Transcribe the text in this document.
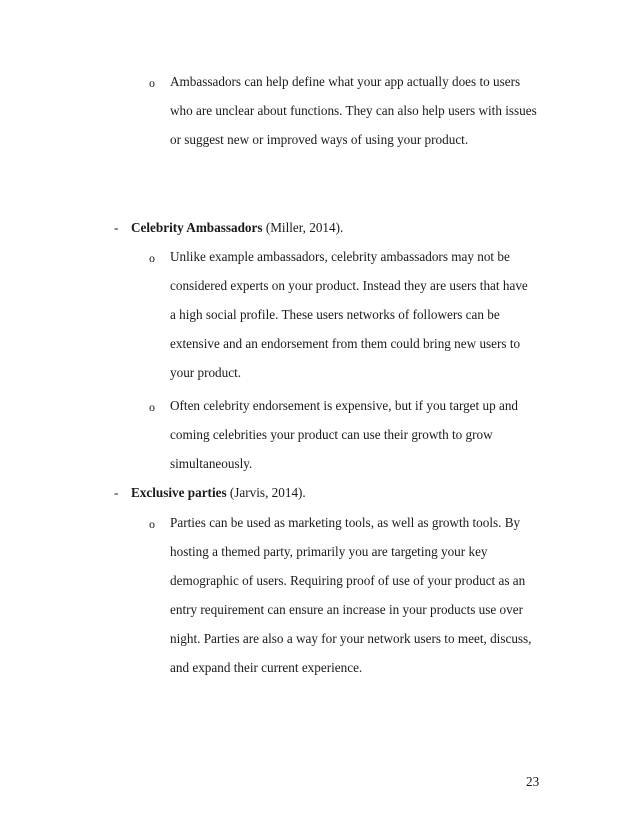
o Ambassadors can help define what your app actually does to users
who are unclear about functions. They can also help users with issues
or suggest new or improved ways of using your product.
- Celebrity Ambassadors (Miller, 2014).
o Unlike example ambassadors, celebrity ambassadors may not be
considered experts on your product. Instead they are users that have
a high social profile. These users networks of followers can be
extensive and an endorsement from them could bring new users to
your product.
o Often celebrity endorsement is expensive, but if you target up and
coming celebrities your product can use their growth to grow
simultaneously.
- Exclusive parties (Jarvis, 2014).
o Parties can be used as marketing tools, as well as growth tools. By
hosting a themed party, primarily you are targeting your key
demographic of users. Requiring proof of use of your product as an
entry requirement can ensure an increase in your products use over
night. Parties are also a way for your network users to meet, discuss,
and expand their current experience.
23
